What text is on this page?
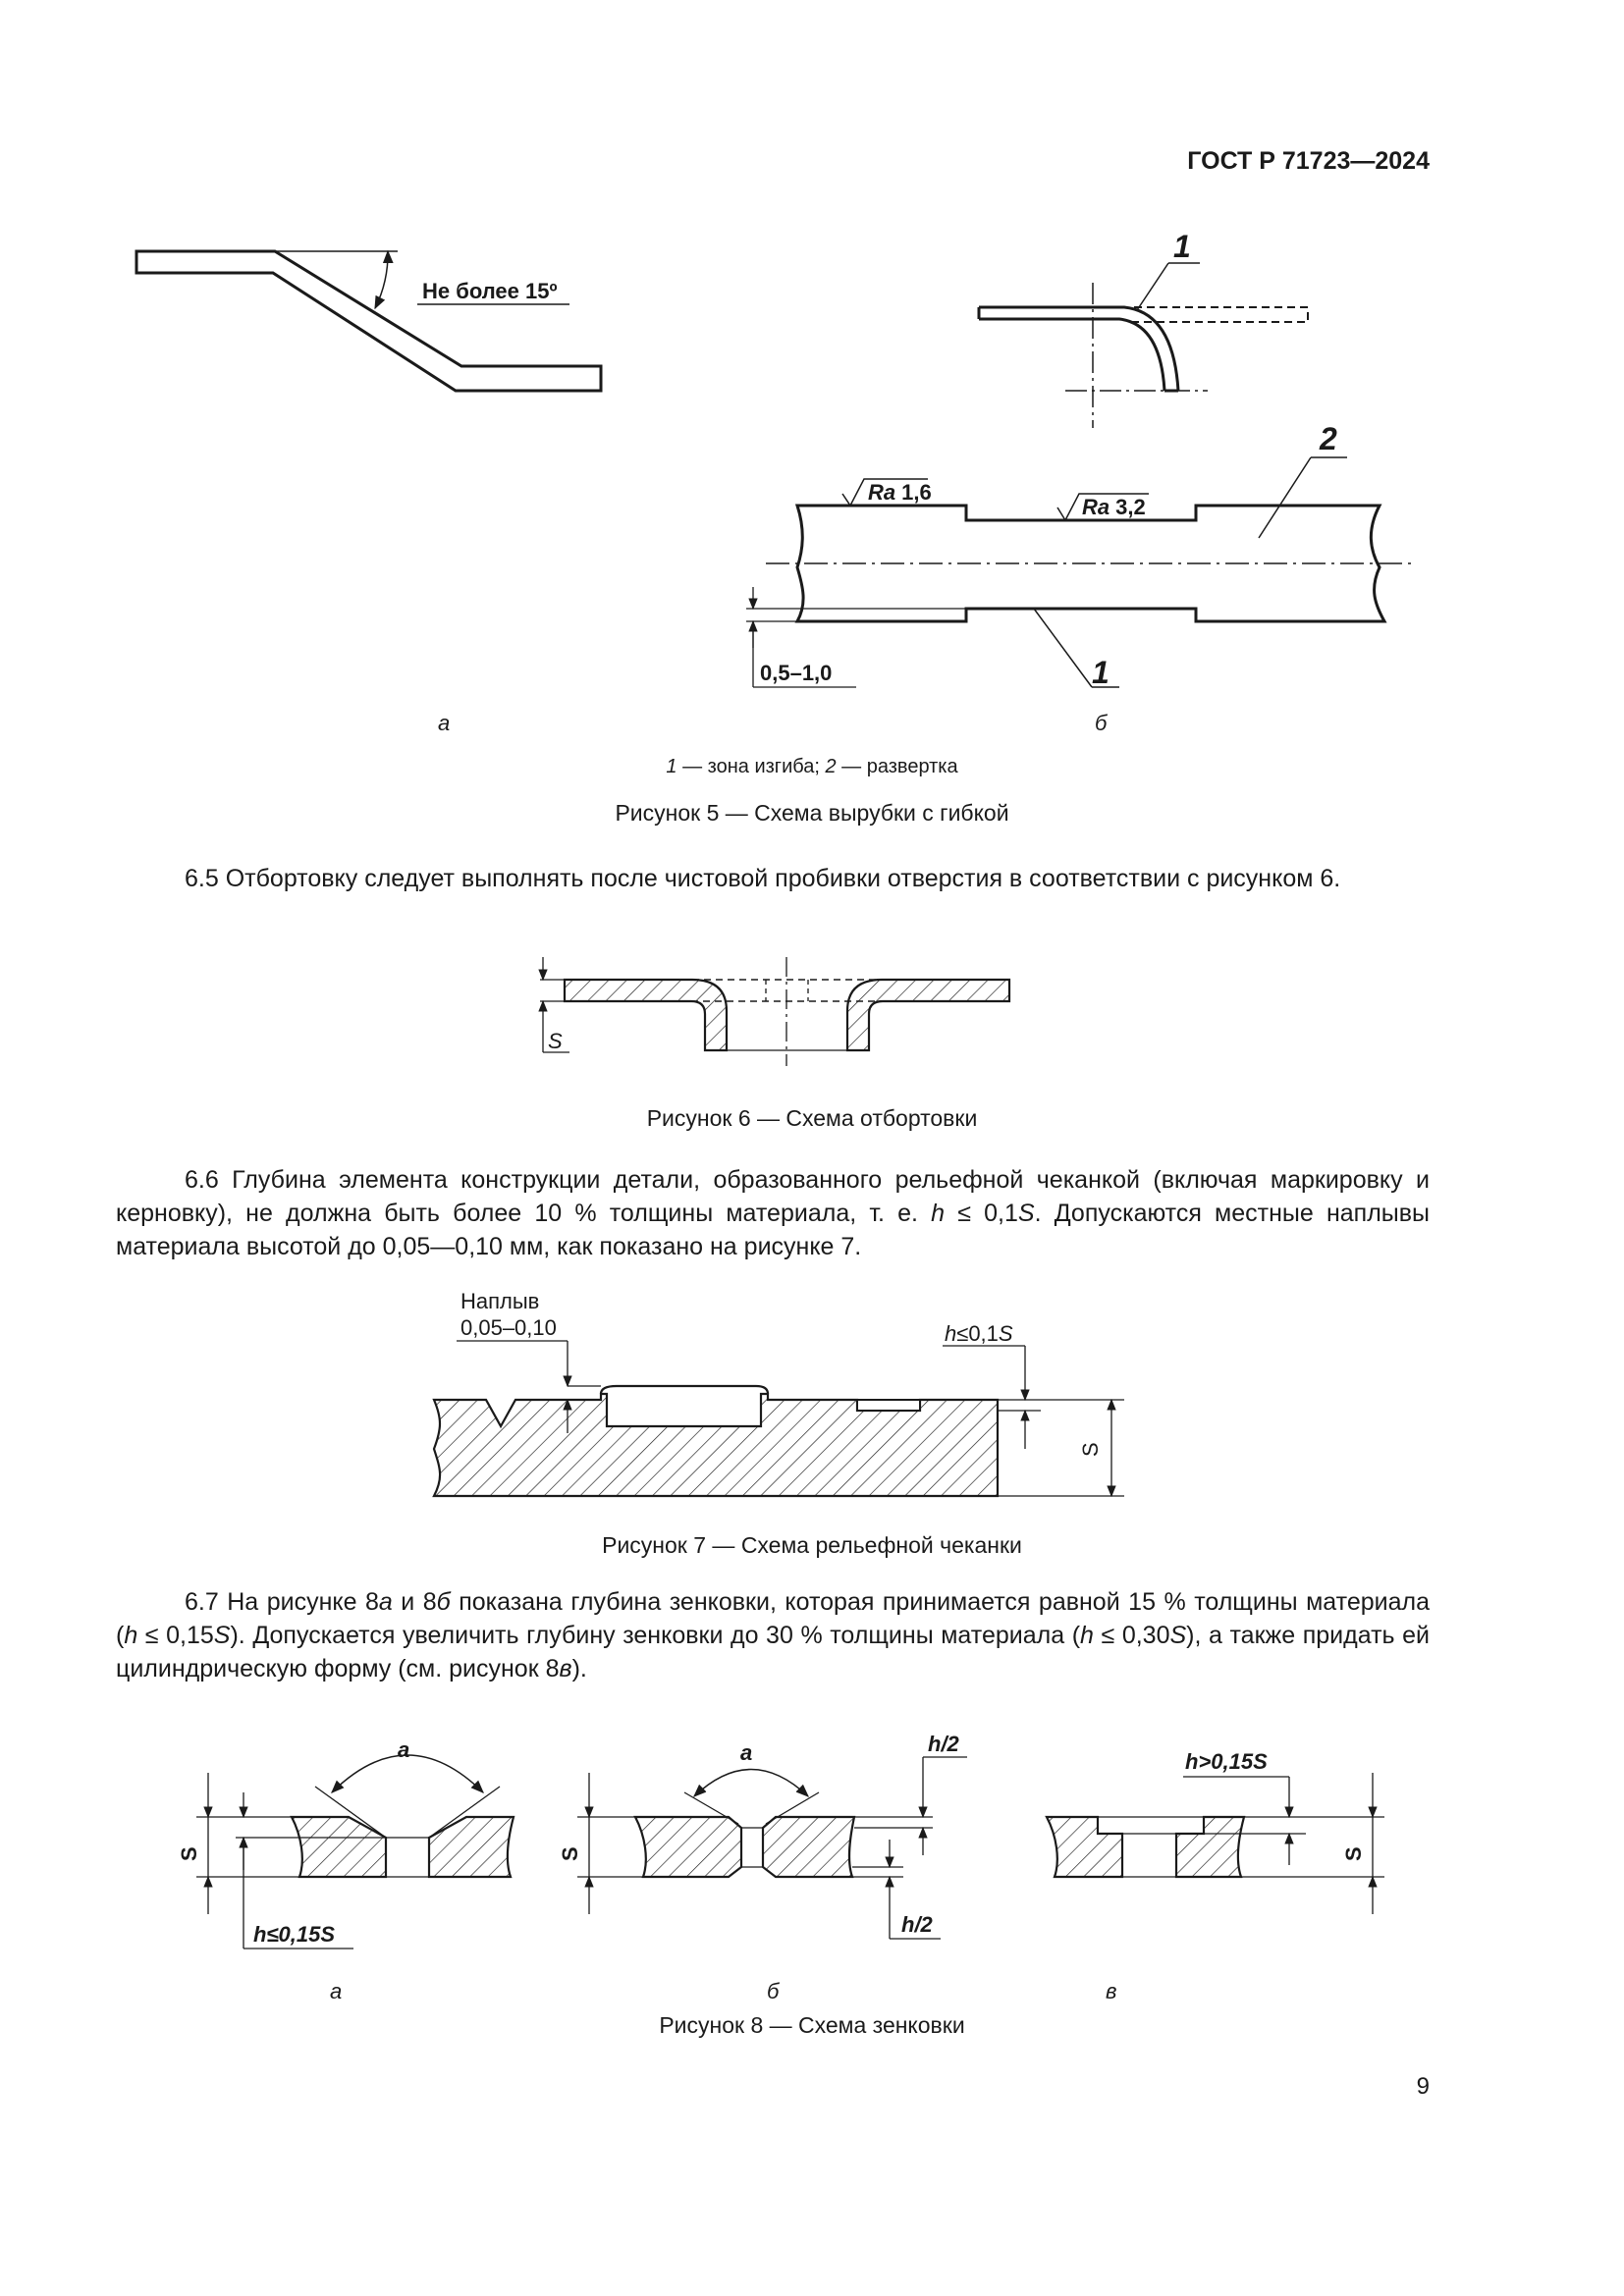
ГОСТ Р 71723—2024
Не более 15º
1
Ra 1,6
Ra 3,2
2
1
0,5–1,0
а	б
S
Наплыв
0,05–0,10	h≤0,1S
S
a
S
h≤0,15S
a
S
h/2
h/2
h>0,15S
S
а	б	в
1 — зона изгиба; 2 — развертка
Рисунок 5 — Схема вырубки с гибкой
6.5 Отбортовку следует выполнять после чистовой пробивки отверстия в соответствии с рисунком 6.
Рисунок 6 — Схема отбортовки
6.6 Глубина элемента конструкции детали, образованного рельефной чеканкой (включая маркировку и керновку), не должна быть более 10 % толщины материала, т. е. h ≤ 0,1S. Допускаются местные наплывы материала высотой до 0,05—0,10 мм, как показано на рисунке 7.
Рисунок 7 — Схема рельефной чеканки
6.7 На рисунке 8а и 8б показана глубина зенковки, которая принимается равной 15 % толщины материала (h ≤ 0,15S). Допускается увеличить глубину зенковки до 30 % толщины материала (h ≤ 0,30S), а также придать ей цилиндрическую форму (см. рисунок 8в).
Рисунок 8 — Схема зенковки
9
